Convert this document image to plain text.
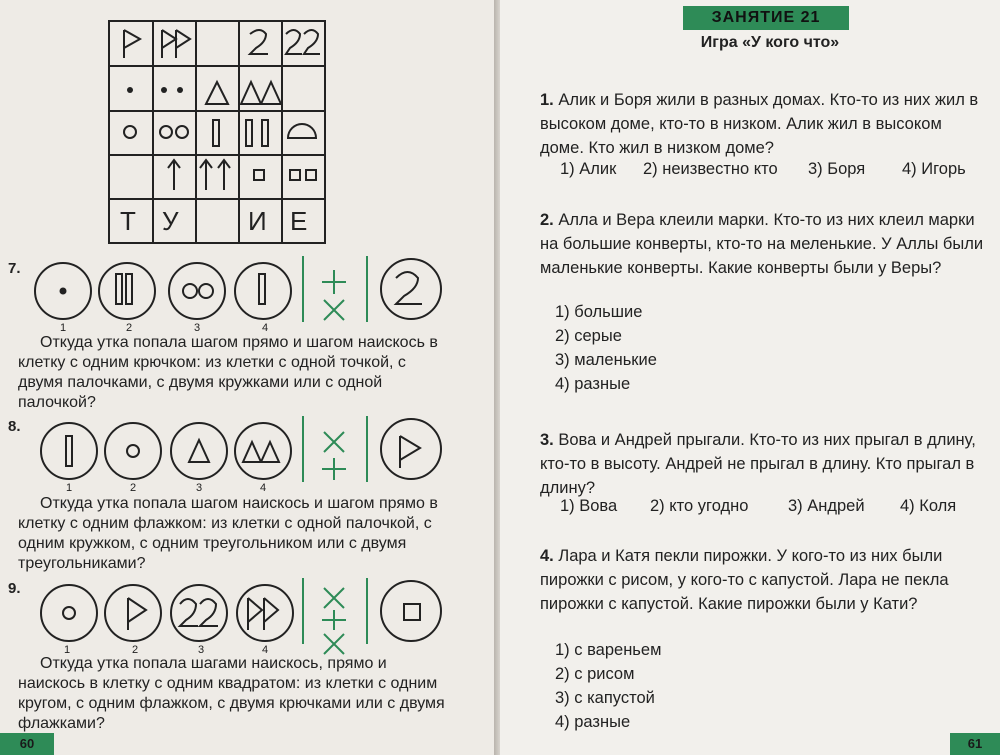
Т У	И Е
7.
1	2	3	4
Откуда утка попала шагом прямо и шагом наискось в клетку с одним крючком: из клетки с одной точкой, с двумя палочками, с двумя кружками или с одной палочкой?
8.
1	2	3	4
Откуда утка попала шагом наискось и шагом прямо в клетку с одним флажком: из клетки с одной палочкой, с одним кружком, с одним треугольником или с двумя треугольниками?
9.
1	2	3	4
Откуда утка попала шагами наискось, прямо и наискось в клетку с одним квадратом: из клетки с одним кругом, с одним флажком, с двумя крючками или с двумя флажками?
60
ЗАНЯТИЕ 21
Игра «У кого что»
61
1. Алик и Боря жили в разных домах. Кто-то из них жил в высоком доме, кто-то в низком. Алик жил в высоком доме. Кто жил в низком доме?
1) Алик 2) неизвестно кто 3) Боря 4) Игорь
2. Алла и Вера клеили марки. Кто-то из них клеил марки на большие конверты, кто-то на меленькие. У Аллы были маленькие конверты. Какие конверты были у Веры?
1) большие
2) серые
3) маленькие
4) разные
3. Вова и Андрей прыгали. Кто-то из них прыгал в длину, кто-то в высоту. Андрей не прыгал в длину. Кто прыгал в длину?
1) Вова 2) кто угодно 3) Андрей 4) Коля
4. Лара и Катя пекли пирожки. У кого-то из них были пирожки с рисом, у кого-то с капустой. Лара не пекла пирожки с капустой. Какие пирожки были у Кати?
1) с вареньем
2) с рисом
3) с капустой
4) разные
